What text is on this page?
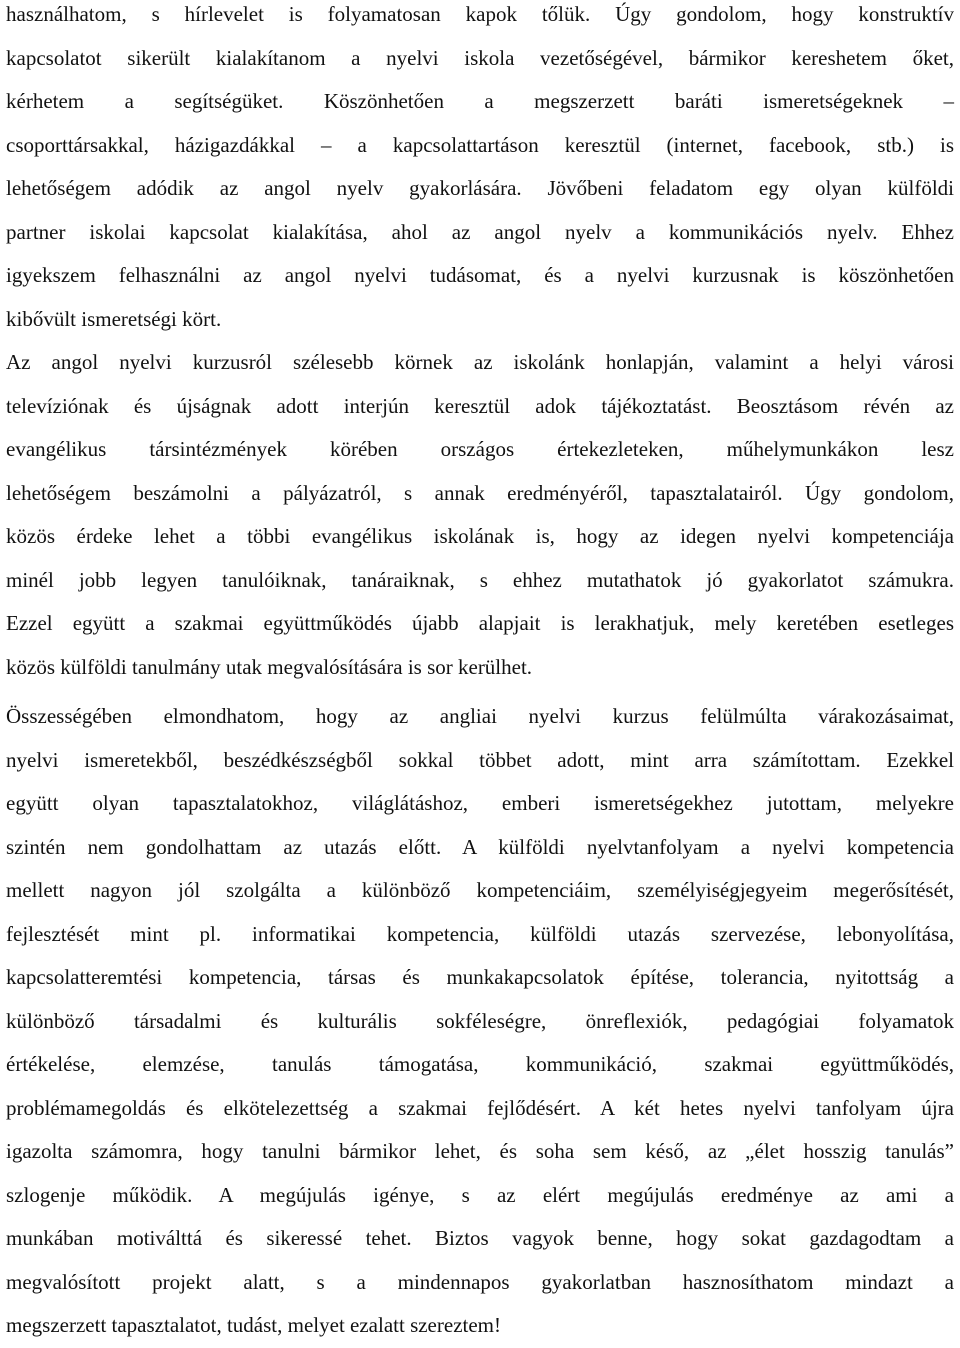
használhatom, s hírlevelet is folyamatosan kapok tőlük. Úgy gondolom, hogy konstruktív
kapcsolatot sikerült kialakítanom a nyelvi iskola vezetőségével, bármikor kereshetem őket,
kérhetem a segítségüket. Köszönhetően a megszerzett baráti ismeretségeknek –
csoporttársakkal, házigazdákkal – a kapcsolattartáson keresztül (internet, facebook, stb.) is
lehetőségem adódik az angol nyelv gyakorlására. Jövőbeni feladatom egy olyan külföldi
partner iskolai kapcsolat kialakítása, ahol az angol nyelv a kommunikációs nyelv. Ehhez
igyekszem felhasználni az angol nyelvi tudásomat, és a nyelvi kurzusnak is köszönhetően
kibővült ismeretségi kört.
Az angol nyelvi kurzusról szélesebb körnek az iskolánk honlapján, valamint a helyi városi
televíziónak és újságnak adott interjún keresztül adok tájékoztatást. Beosztásom révén az
evangélikus társintézmények körében országos értekezleteken, műhelymunkákon lesz
lehetőségem beszámolni a pályázatról, s annak eredményéről, tapasztalatairól. Úgy gondolom,
közös érdeke lehet a többi evangélikus iskolának is, hogy az idegen nyelvi kompetenciája
minél jobb legyen tanulóiknak, tanáraiknak, s ehhez mutathatok jó gyakorlatot számukra.
Ezzel együtt a szakmai együttműködés újabb alapjait is lerakhatjuk, mely keretében esetleges
közös külföldi tanulmány utak megvalósítására is sor kerülhet.
Összességében elmondhatom, hogy az angliai nyelvi kurzus felülmúlta várakozásaimat,
nyelvi ismeretekből, beszédkészségből sokkal többet adott, mint arra számítottam. Ezekkel
együtt olyan tapasztalatokhoz, világlátáshoz, emberi ismeretségekhez jutottam, melyekre
szintén nem gondolhattam az utazás előtt. A külföldi nyelvtanfolyam a nyelvi kompetencia
mellett nagyon jól szolgálta a különböző kompetenciáim, személyiségjegyeim megerősítését,
fejlesztését mint pl. informatikai kompetencia, külföldi utazás szervezése, lebonyolítása,
kapcsolatteremtési kompetencia, társas és munkakapcsolatok építése, tolerancia, nyitottság a
különböző társadalmi és kulturális sokféleségre, önreflexiók, pedagógiai folyamatok
értékelése, elemzése, tanulás támogatása, kommunikáció, szakmai együttműködés,
problémamegoldás és elkötelezettség a szakmai fejlődésért. A két hetes nyelvi tanfolyam újra
igazolta számomra, hogy tanulni bármikor lehet, és soha sem késő, az „élet hosszig tanulás”
szlogenje működik. A megújulás igénye, s az elért megújulás eredménye az ami a
munkában motiválttá és sikeressé tehet. Biztos vagyok benne, hogy sokat gazdagodtam a
megvalósított projekt alatt, s a mindennapos gyakorlatban hasznosíthatom mindazt a
megszerzett tapasztalatot, tudást, melyet ezalatt szereztem!
